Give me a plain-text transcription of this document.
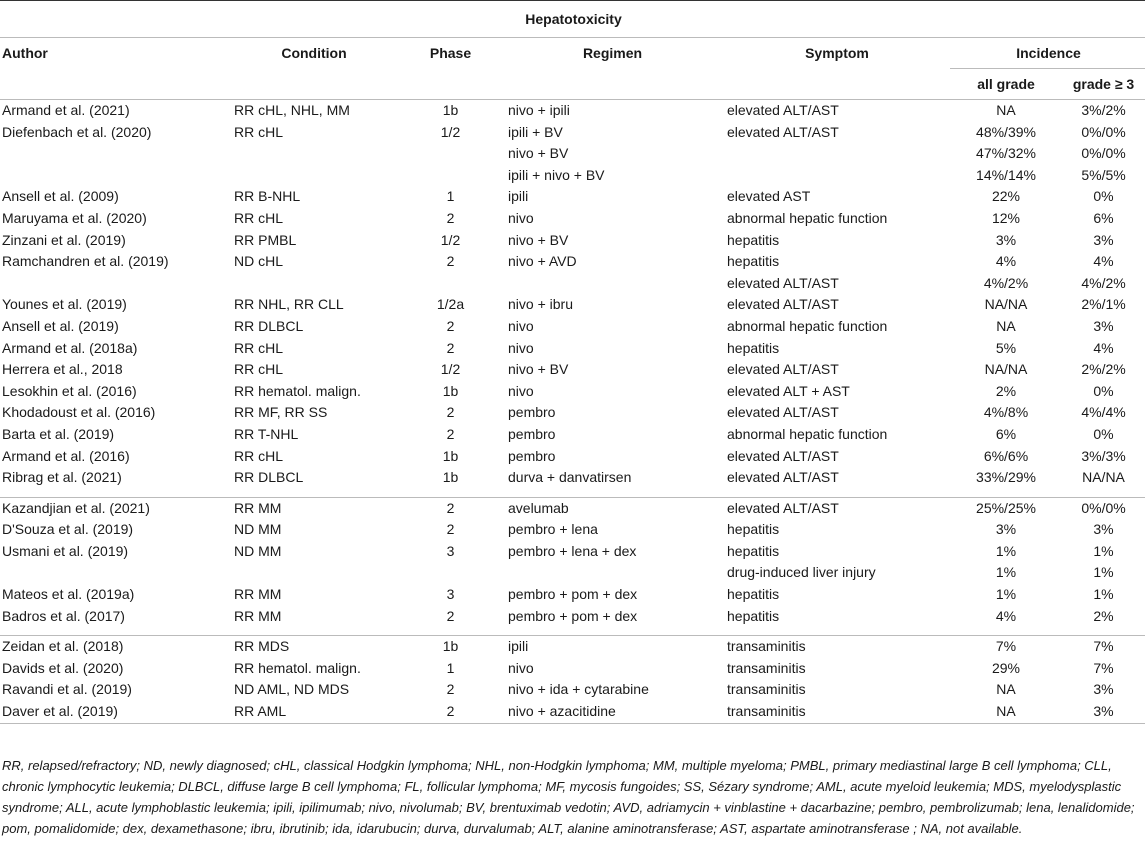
Hepatotoxicity						
Author	Condition	Phase	Regimen	Symptom	Incidence	
					all grade	grade ≥ 3
Armand et al. (2021)	RR cHL, NHL, MM	1b	nivo + ipili	elevated ALT/AST	NA	3%/2%
Diefenbach et al. (2020)	RR cHL	1/2	ipili + BV	elevated ALT/AST	48%/39%	0%/0%
			nivo + BV		47%/32%	0%/0%
			ipili + nivo + BV		14%/14%	5%/5%
Ansell et al. (2009)	RR B-NHL	1	ipili	elevated AST	22%	0%
Maruyama et al. (2020)	RR cHL	2	nivo	abnormal hepatic function	12%	6%
Zinzani et al. (2019)	RR PMBL	1/2	nivo + BV	hepatitis	3%	3%
Ramchandren et al. (2019)	ND cHL	2	nivo + AVD	hepatitis	4%	4%
				elevated ALT/AST	4%/2%	4%/2%
Younes et al. (2019)	RR NHL, RR CLL	1/2a	nivo + ibru	elevated ALT/AST	NA/NA	2%/1%
Ansell et al. (2019)	RR DLBCL	2	nivo	abnormal hepatic function	NA	3%
Armand et al. (2018a)	RR cHL	2	nivo	hepatitis	5%	4%
Herrera et al., 2018	RR cHL	1/2	nivo + BV	elevated ALT/AST	NA/NA	2%/2%
Lesokhin et al. (2016)	RR hematol. malign.	1b	nivo	elevated ALT + AST	2%	0%
Khodadoust et al. (2016)	RR MF, RR SS	2	pembro	elevated ALT/AST	4%/8%	4%/4%
Barta et al. (2019)	RR T-NHL	2	pembro	abnormal hepatic function	6%	0%
Armand et al. (2016)	RR cHL	1b	pembro	elevated ALT/AST	6%/6%	3%/3%
Ribrag et al. (2021)	RR DLBCL	1b	durva + danvatirsen	elevated ALT/AST	33%/29%	NA/NA

Kazandjian et al. (2021)	RR MM	2	avelumab	elevated ALT/AST	25%/25%	0%/0%
D'Souza et al. (2019)	ND MM	2	pembro + lena	hepatitis	3%	3%
Usmani et al. (2019)	ND MM	3	pembro + lena + dex	hepatitis	1%	1%
				drug-induced liver injury	1%	1%
Mateos et al. (2019a)	RR MM	3	pembro + pom + dex	hepatitis	1%	1%
Badros et al. (2017)	RR MM	2	pembro + pom + dex	hepatitis	4%	2%

Zeidan et al. (2018)	RR MDS	1b	ipili	transaminitis	7%	7%
Davids et al. (2020)	RR hematol. malign.	1	nivo	transaminitis	29%	7%
Ravandi et al. (2019)	ND AML, ND MDS	2	nivo + ida + cytarabine	transaminitis	NA	3%
Daver et al. (2019)	RR AML	2	nivo + azacitidine	transaminitis	NA	3%
RR, relapsed/refractory; ND, newly diagnosed; cHL, classical Hodgkin lymphoma; NHL, non-Hodgkin lymphoma; MM, multiple myeloma; PMBL, primary mediastinal large B cell lymphoma; CLL, chronic lymphocytic leukemia; DLBCL, diffuse large B cell lymphoma; FL, follicular lymphoma; MF, mycosis fungoides; SS, Sézary syndrome; AML, acute myeloid leukemia; MDS, myelodysplastic syndrome; ALL, acute lymphoblastic leukemia; ipili, ipilimumab; nivo, nivolumab; BV, brentuximab vedotin; AVD, adriamycin + vinblastine + dacarbazine; pembro, pembrolizumab; lena, lenalidomide; pom, pomalidomide; dex, dexamethasone; ibru, ibrutinib; ida, idarubucin; durva, durvalumab; ALT, alanine aminotransferase; AST, aspartate aminotransferase ; NA, not available.
